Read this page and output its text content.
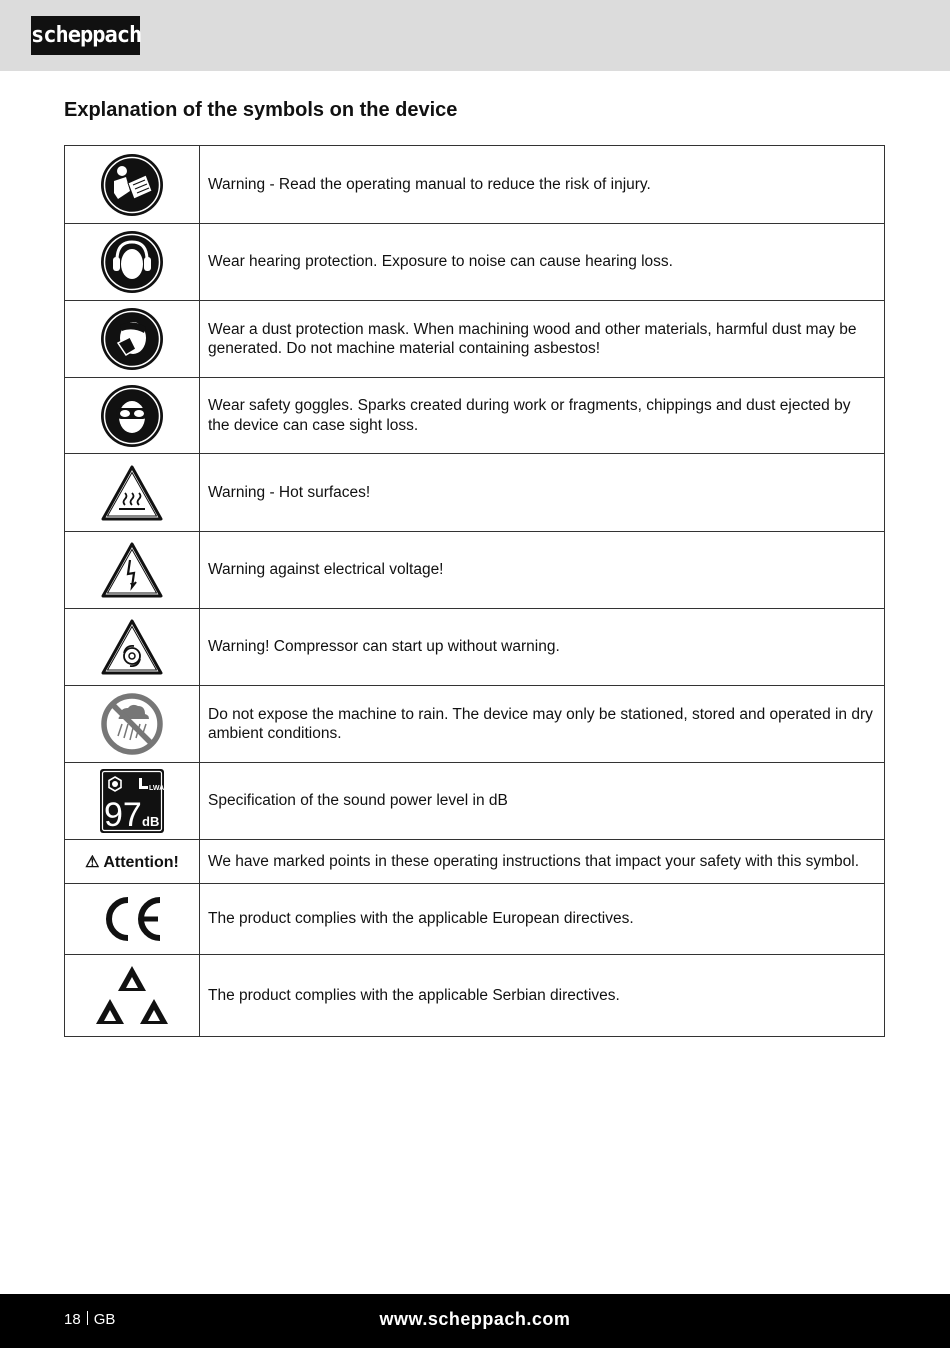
scheppach
Explanation of the symbols on the device
	Warning - Read the operating manual to reduce the risk of injury.

	Wear hearing protection. Exposure to noise can cause hearing loss.

	Wear a dust protection mask. When machining wood and other materials, harmful dust may be generated. Do not machine material containing asbestos!

	Wear safety goggles. Sparks created during work or fragments, chippings and dust ejected by the device can case sight loss.

	Warning - Hot surfaces!

	Warning against electrical voltage!

	Warning! Compressor can start up without warning.

	Do not expose the machine to rain. The device may only be stationed, stored and operated in dry ambient conditions.

LWA
97 dB	Specification of the sound power level in dB
⚠ Attention!	We have marked points in these operating instructions that impact your safety with this symbol.

	The product complies with the applicable European directives.

	The product complies with the applicable Serbian directives.
18 GB	www.scheppach.com
